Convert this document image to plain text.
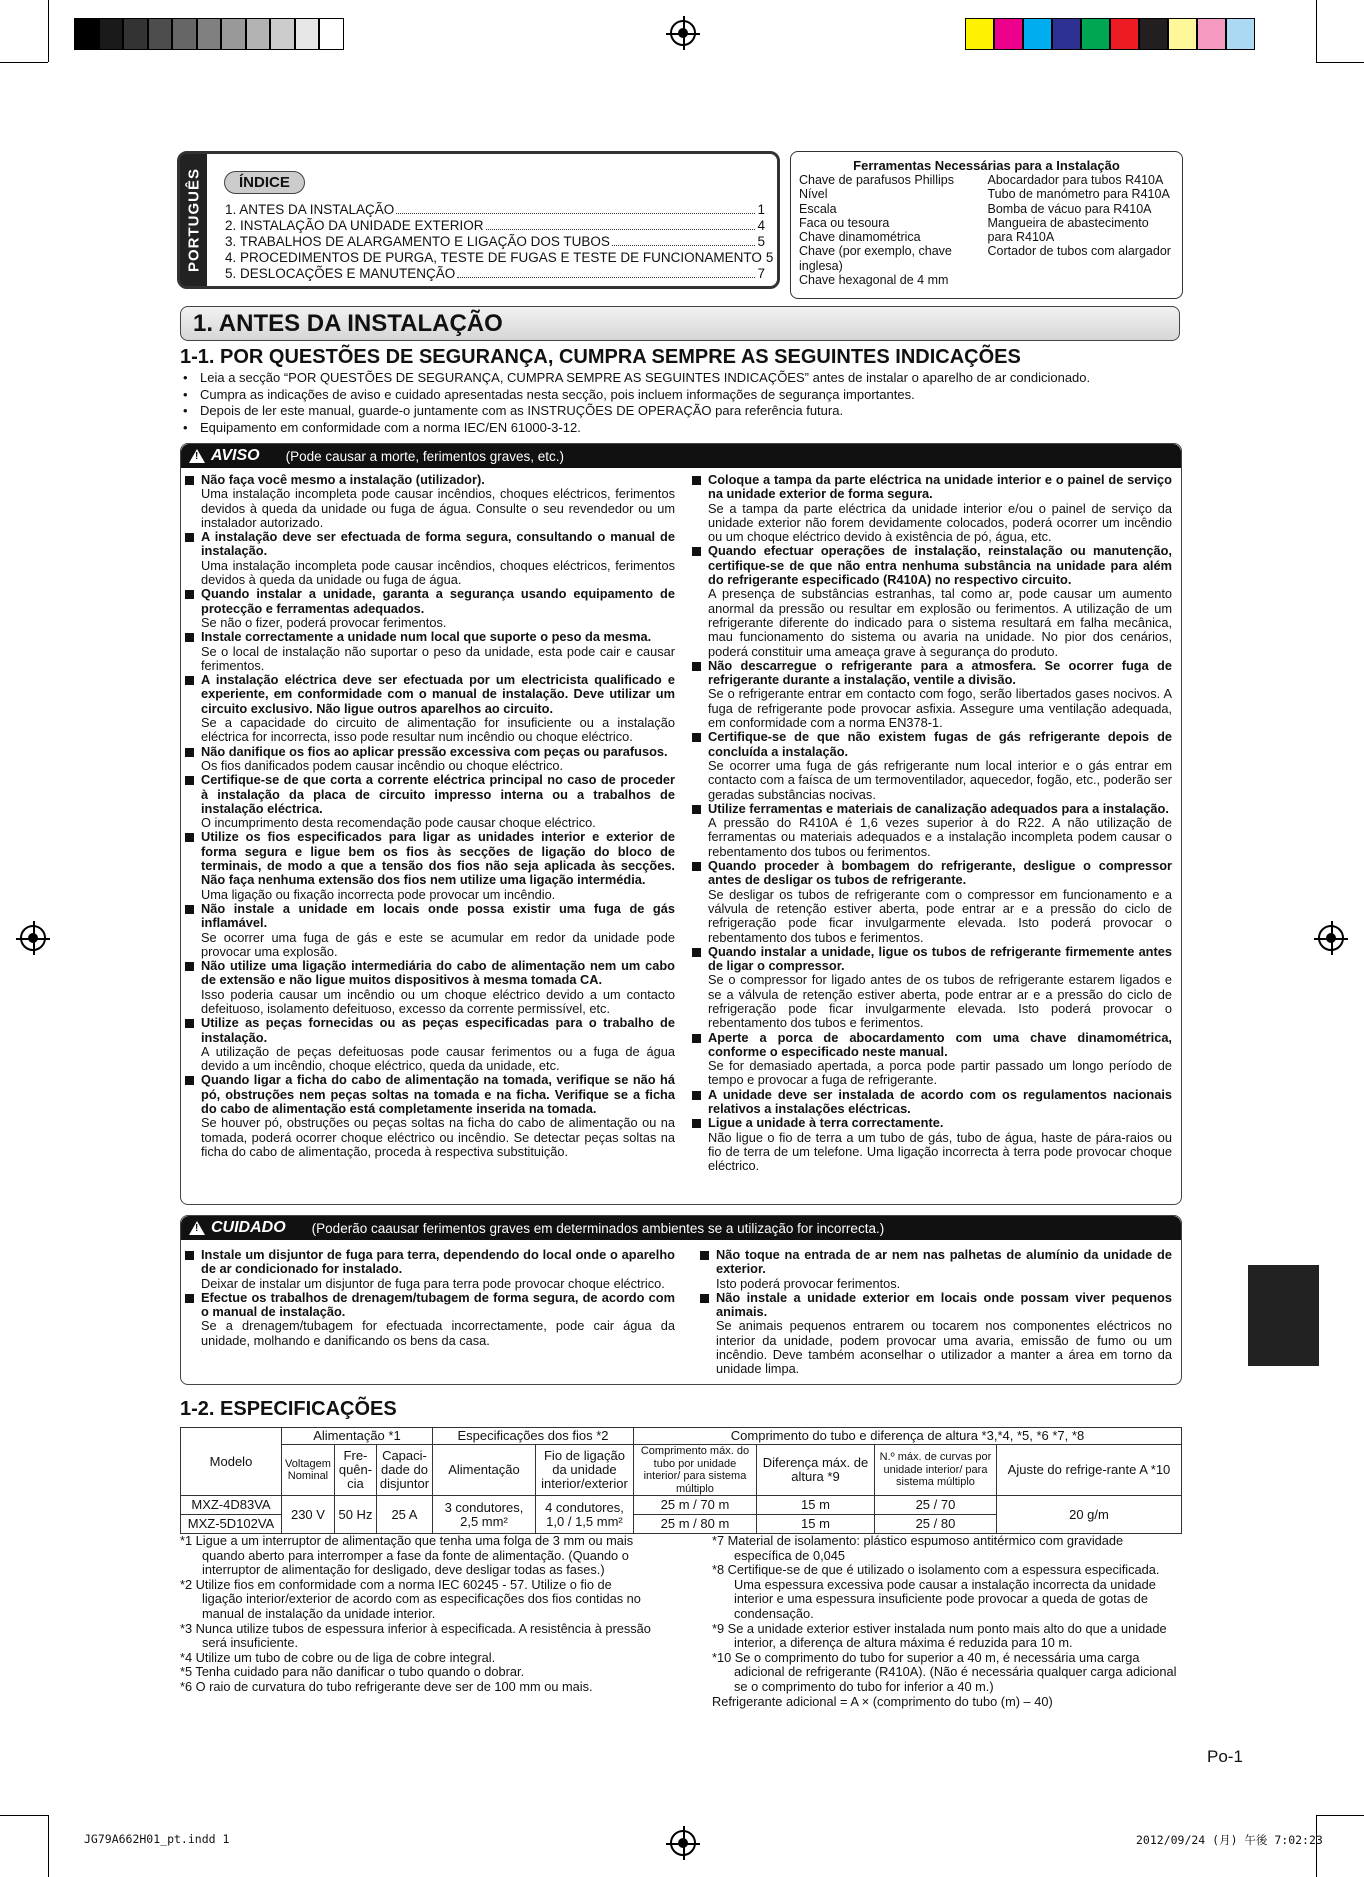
PORTUGUÊS	ÍNDICE
1. ANTES DA INSTALAÇÃO	1
2. INSTALAÇÃO DA UNIDADE EXTERIOR	4
3. TRABALHOS DE ALARGAMENTO E LIGAÇÃO DOS TUBOS	5
4. PROCEDIMENTOS DE PURGA, TESTE DE FUGAS E TESTE DE FUNCIONAMENTO 5
5. DESLOCAÇÕES E MANUTENÇÃO	7
Ferramentas Necessárias para a Instalação
Chave de parafusos Phillips
Nível
Escala
Faca ou tesoura
Chave dinamométrica
Chave (por exemplo, chave inglesa)
Chave hexagonal de 4 mm
Abocardador para tubos R410A
Tubo de manómetro para R410A
Bomba de vácuo para R410A
Mangueira de abastecimento para R410A
Cortador de tubos com alargador
1. ANTES DA INSTALAÇÃO
1-1. POR QUESTÕES DE SEGURANÇA, CUMPRA SEMPRE AS SEGUINTES INDICAÇÕES
• Leia a secção “POR QUESTÕES DE SEGURANÇA, CUMPRA SEMPRE AS SEGUINTES INDICAÇÕES” antes de instalar o aparelho de ar condicionado.
• Cumpra as indicações de aviso e cuidado apresentadas nesta secção, pois incluem informações de segurança importantes.
• Depois de ler este manual, guarde-o juntamente com as INSTRUÇÕES DE OPERAÇÃO para referência futura.
• Equipamento em conformidade com a norma IEC/EN 61000-3-12.
! AVISO (Pode causar a morte, ferimentos graves, etc.)
Não faça você mesmo a instalação (utilizador).
Uma instalação incompleta pode causar incêndios, choques eléctricos, ferimentos devidos à queda da unidade ou fuga de água. Consulte o seu revendedor ou um instalador autorizado.
A instalação deve ser efectuada de forma segura, consultando o manual de instalação.
Uma instalação incompleta pode causar incêndios, choques eléctricos, ferimentos devidos à queda da unidade ou fuga de água.
Quando instalar a unidade, garanta a segurança usando equipamento de protecção e ferramentas adequados.
Se não o fizer, poderá provocar ferimentos.
Instale correctamente a unidade num local que suporte o peso da mesma.
Se o local de instalação não suportar o peso da unidade, esta pode cair e causar ferimentos.
A instalação eléctrica deve ser efectuada por um electricista qualificado e experiente, em conformidade com o manual de instalação. Deve utilizar um circuito exclusivo. Não ligue outros aparelhos ao circuito.
Se a capacidade do circuito de alimentação for insuficiente ou a instalação eléctrica for incorrecta, isso pode resultar num incêndio ou choque eléctrico.
Não danifique os fios ao aplicar pressão excessiva com peças ou parafusos.
Os fios danificados podem causar incêndio ou choque eléctrico.
Certifique-se de que corta a corrente eléctrica principal no caso de proceder à instalação da placa de circuito impresso interna ou a trabalhos de instalação eléctrica.
O incumprimento desta recomendação pode causar choque eléctrico.
Utilize os fios especificados para ligar as unidades interior e exterior de forma segura e ligue bem os fios às secções de ligação do bloco de terminais, de modo a que a tensão dos fios não seja aplicada às secções. Não faça nenhuma extensão dos fios nem utilize uma ligação intermédia.
Uma ligação ou fixação incorrecta pode provocar um incêndio.
Não instale a unidade em locais onde possa existir uma fuga de gás inflamável.
Se ocorrer uma fuga de gás e este se acumular em redor da unidade pode provocar uma explosão.
Não utilize uma ligação intermediária do cabo de alimentação nem um cabo de extensão e não ligue muitos dispositivos à mesma tomada CA.
Isso poderia causar um incêndio ou um choque eléctrico devido a um contacto defeituoso, isolamento defeituoso, excesso da corrente permissível, etc.
Utilize as peças fornecidas ou as peças especificadas para o trabalho de instalação.
A utilização de peças defeituosas pode causar ferimentos ou a fuga de água devido a um incêndio, choque eléctrico, queda da unidade, etc.
Quando ligar a ficha do cabo de alimentação na tomada, verifique se não há pó, obstruções nem peças soltas na tomada e na ficha. Verifique se a ficha do cabo de alimentação está completamente inserida na tomada.
Se houver pó, obstruções ou peças soltas na ficha do cabo de alimentação ou na tomada, poderá ocorrer choque eléctrico ou incêndio. Se detectar peças soltas na ficha do cabo de alimentação, proceda à respectiva substituição.
Coloque a tampa da parte eléctrica na unidade interior e o painel de serviço na unidade exterior de forma segura.
Se a tampa da parte eléctrica da unidade interior e/ou o painel de serviço da unidade exterior não forem devidamente colocados, poderá ocorrer um incêndio ou um choque eléctrico devido à existência de pó, água, etc.
Quando efectuar operações de instalação, reinstalação ou manutenção, certifique-se de que não entra nenhuma substância na unidade para além do refrigerante especificado (R410A) no respectivo circuito.
A presença de substâncias estranhas, tal como ar, pode causar um aumento anormal da pressão ou resultar em explosão ou ferimentos. A utilização de um refrigerante diferente do indicado para o sistema resultará em falha mecânica, mau funcionamento do sistema ou avaria na unidade. No pior dos cenários, poderá constituir uma ameaça grave à segurança do produto.
Não descarregue o refrigerante para a atmosfera. Se ocorrer fuga de refrigerante durante a instalação, ventile a divisão.
Se o refrigerante entrar em contacto com fogo, serão libertados gases nocivos. A fuga de refrigerante pode provocar asfixia. Assegure uma ventilação adequada, em conformidade com a norma EN378-1.
Certifique-se de que não existem fugas de gás refrigerante depois de concluída a instalação.
Se ocorrer uma fuga de gás refrigerante num local interior e o gás entrar em contacto com a faísca de um termoventilador, aquecedor, fogão, etc., poderão ser geradas substâncias nocivas.
Utilize ferramentas e materiais de canalização adequados para a instalação.
A pressão do R410A é 1,6 vezes superior à do R22. A não utilização de ferramentas ou materiais adequados e a instalação incompleta podem causar o rebentamento dos tubos ou ferimentos.
Quando proceder à bombagem do refrigerante, desligue o compressor antes de desligar os tubos de refrigerante.
Se desligar os tubos de refrigerante com o compressor em funcionamento e a válvula de retenção estiver aberta, pode entrar ar e a pressão do ciclo de refrigeração pode ficar invulgarmente elevada. Isto poderá provocar o rebentamento dos tubos e ferimentos.
Quando instalar a unidade, ligue os tubos de refrigerante firmemente antes de ligar o compressor.
Se o compressor for ligado antes de os tubos de refrigerante estarem ligados e se a válvula de retenção estiver aberta, pode entrar ar e a pressão do ciclo de refrigeração pode ficar invulgarmente elevada. Isto poderá provocar o rebentamento dos tubos e ferimentos.
Aperte a porca de abocardamento com uma chave dinamométrica, conforme o especificado neste manual.
Se for demasiado apertada, a porca pode partir passado um longo período de tempo e provocar a fuga de refrigerante.
A unidade deve ser instalada de acordo com os regulamentos nacionais relativos a instalações eléctricas.
Ligue a unidade à terra correctamente.
Não ligue o fio de terra a um tubo de gás, tubo de água, haste de pára-raios ou fio de terra de um telefone. Uma ligação incorrecta à terra pode provocar choque eléctrico.
! CUIDADO (Poderão caausar ferimentos graves em determinados ambientes se a utilização for incorrecta.)
Instale um disjuntor de fuga para terra, dependendo do local onde o aparelho de ar condicionado for instalado.
Deixar de instalar um disjuntor de fuga para terra pode provocar choque eléctrico.
Efectue os trabalhos de drenagem/tubagem de forma segura, de acordo com o manual de instalação.
Se a drenagem/tubagem for efectuada incorrectamente, pode cair água da unidade, molhando e danificando os bens da casa.
Não toque na entrada de ar nem nas palhetas de alumínio da unidade de exterior.
Isto poderá provocar ferimentos.
Não instale a unidade exterior em locais onde possam viver pequenos animais.
Se animais pequenos entrarem ou tocarem nos componentes eléctricos no interior da unidade, podem provocar uma avaria, emissão de fumo ou um incêndio. Deve também aconselhar o utilizador a manter a área em torno da unidade limpa.
1-2. ESPECIFICAÇÕES
Modelo	Alimentação *1			Especificações dos fios *2		Comprimento do tubo e diferença de altura *3,*4, *5, *6 *7, *8			
	Voltagem Nominal	Fre-quên-cia	Capaci-dade do disjuntor	Alimentação	Fio de ligação da unidade interior/exterior	Comprimento máx. do tubo por unidade interior/ para sistema múltiplo	Diferença máx. de altura *9	N.º máx. de curvas por unidade interior/ para sistema múltiplo	Ajuste do refrige-rante A *10
MXZ-4D83VA	230 V	50 Hz	25 A	3 condutores, 2,5 mm²	4 condutores, 1,0 / 1,5 mm²	25 m / 70 m	15 m	25 / 70	20 g/m
MXZ-5D102VA						25 m / 80 m	15 m	25 / 80	
*1 Ligue a um interruptor de alimentação que tenha uma folga de 3 mm ou mais quando aberto para interromper a fase da fonte de alimentação. (Quando o interruptor de alimentação for desligado, deve desligar todas as fases.)
*2 Utilize fios em conformidade com a norma IEC 60245 - 57. Utilize o fio de ligação interior/exterior de acordo com as especificações dos fios contidas no manual de instalação da unidade interior.
*3 Nunca utilize tubos de espessura inferior à especificada. A resistência à pressão será insuficiente.
*4 Utilize um tubo de cobre ou de liga de cobre integral.
*5 Tenha cuidado para não danificar o tubo quando o dobrar.
*6 O raio de curvatura do tubo refrigerante deve ser de 100 mm ou mais.
*7 Material de isolamento: plástico espumoso antitérmico com gravidade específica de 0,045
*8 Certifique-se de que é utilizado o isolamento com a espessura especificada. Uma espessura excessiva pode causar a instalação incorrecta da unidade interior e uma espessura insuficiente pode provocar a queda de gotas de condensação.
*9 Se a unidade exterior estiver instalada num ponto mais alto do que a unidade interior, a diferença de altura máxima é reduzida para 10 m.
*10 Se o comprimento do tubo for superior a 40 m, é necessária uma carga adicional de refrigerante (R410A). (Não é necessária qualquer carga adicional se o comprimento do tubo for inferior a 40 m.)
Refrigerante adicional = A × (comprimento do tubo (m) – 40)
Po-1
JG79A662H01_pt.indd 1	2012/09/24 (月) 午後 7:02:23
